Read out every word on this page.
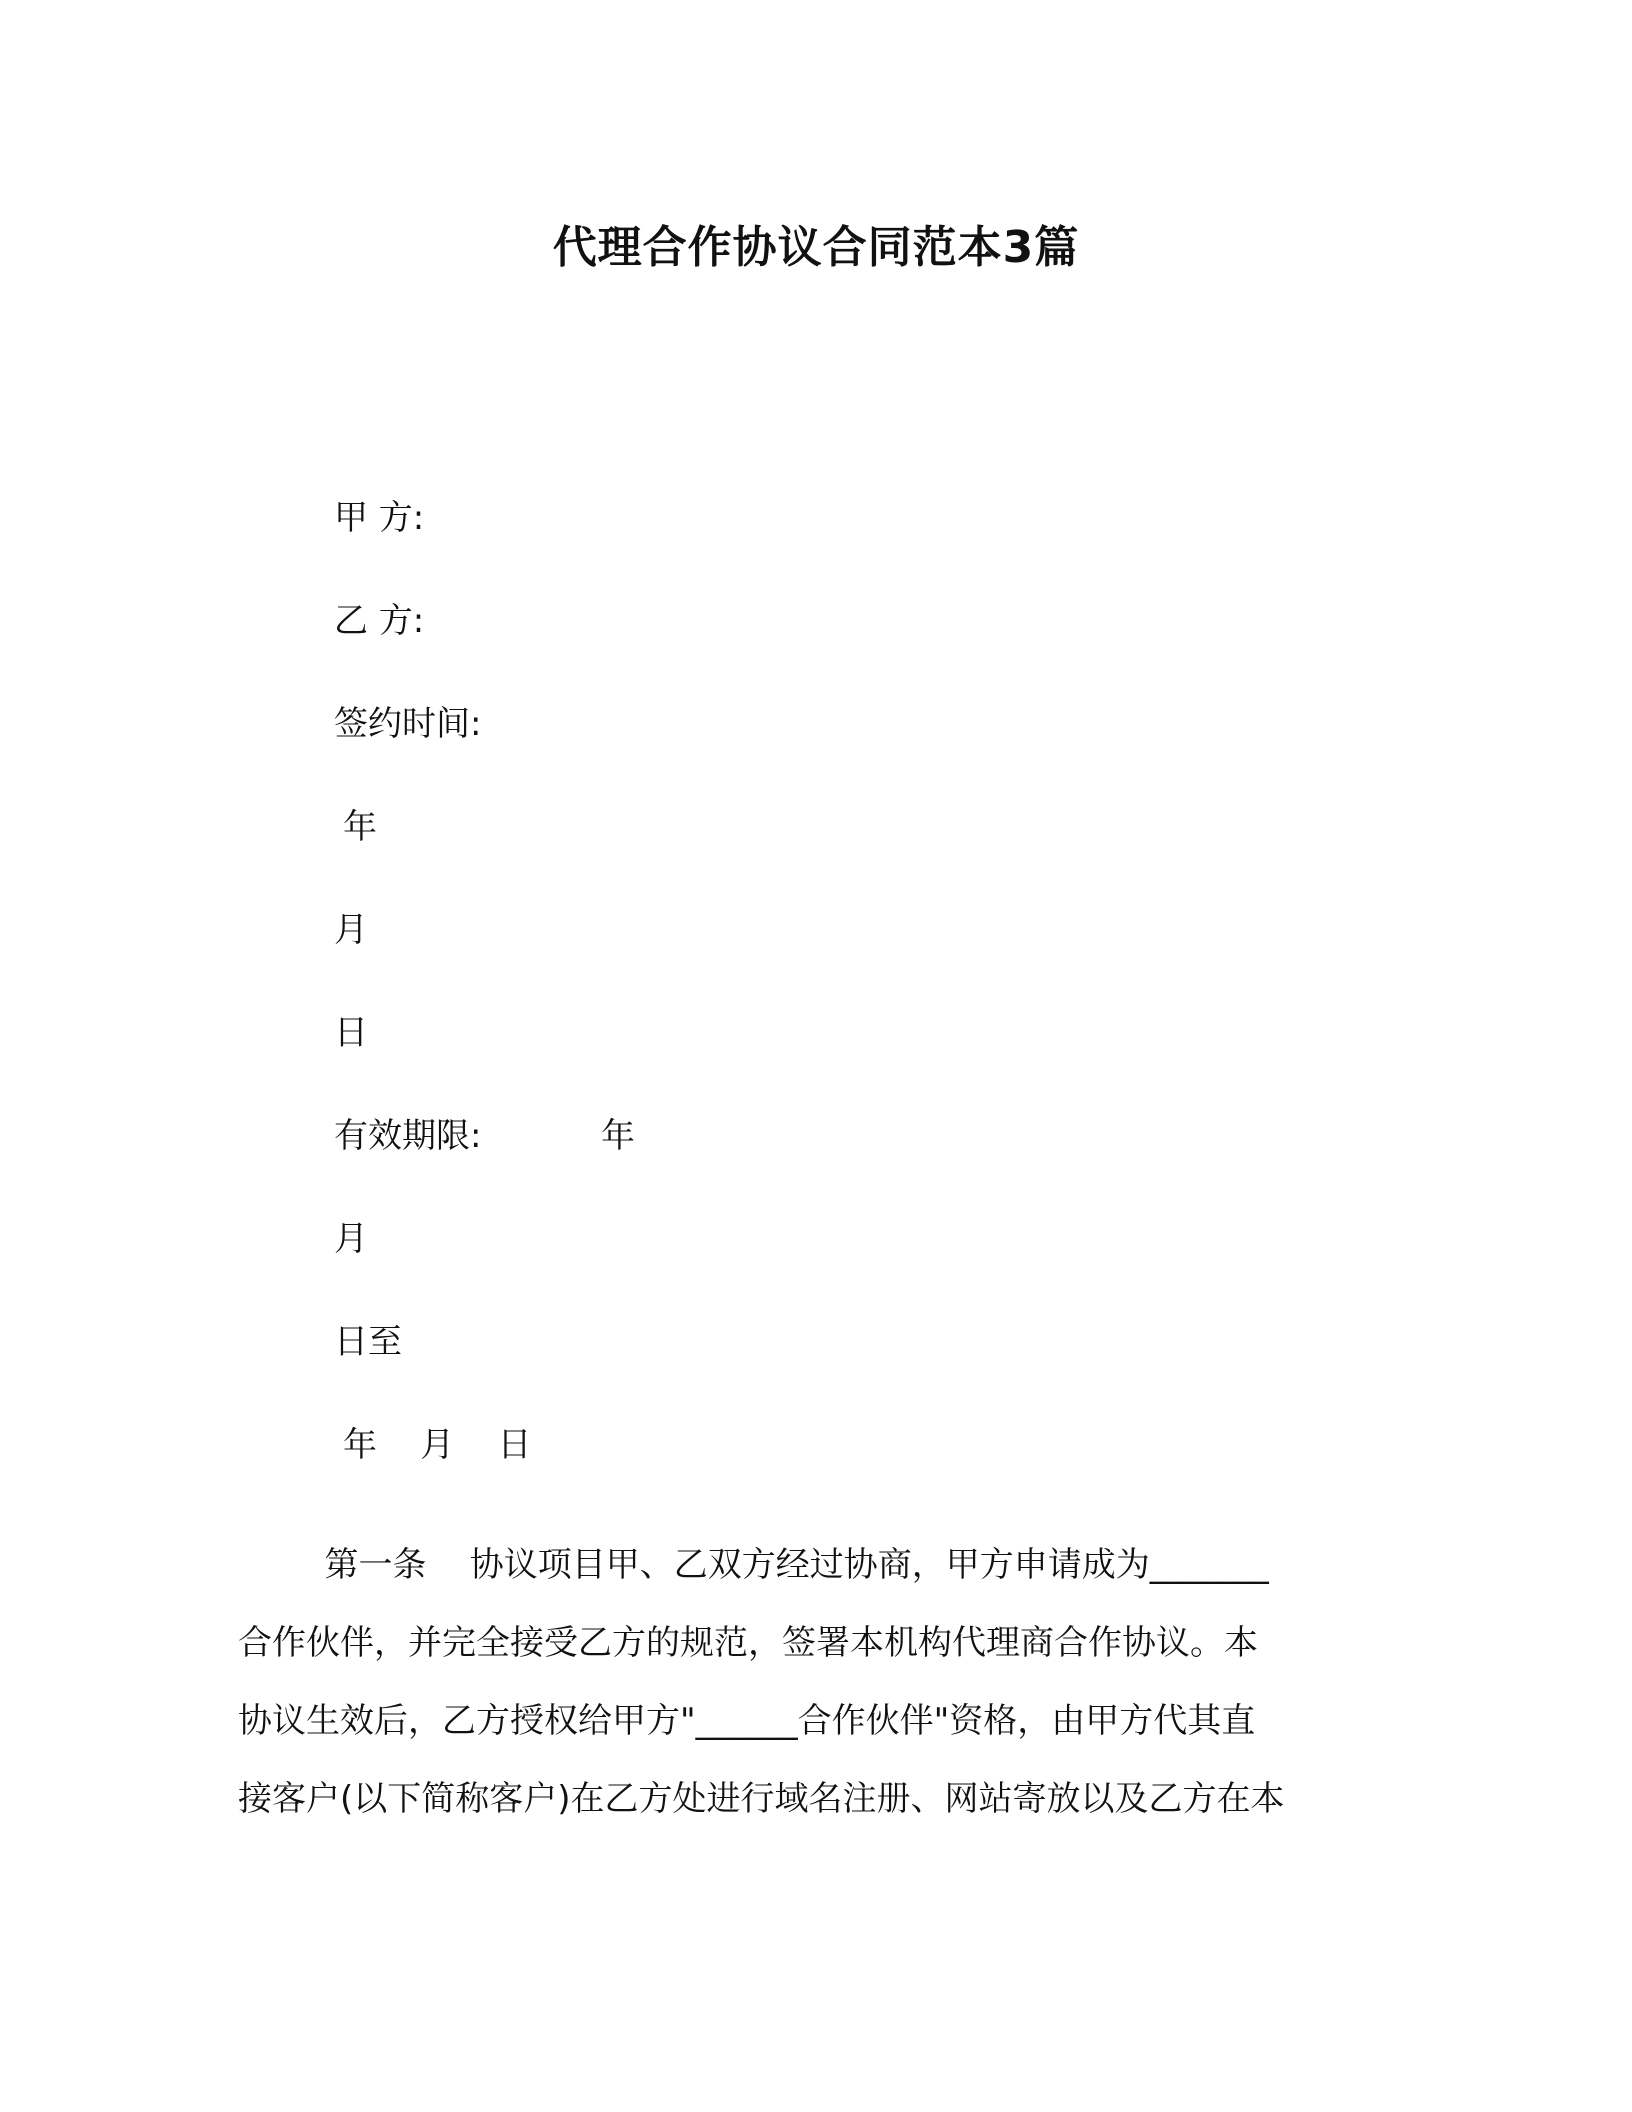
代理合作协议合同范本3篇
甲 方:
乙 方:
签约时间:
年
月
日
有效期限:	年
月
日至
年    月    日
第一条    协议项目甲、乙双方经过协商，甲方申请成为_______
合作伙伴，并完全接受乙方的规范，签署本机构代理商合作协议。本
协议生效后，乙方授权给甲方"______合作伙伴"资格，由甲方代其直
接客户(以下简称客户)在乙方处进行域名注册、网站寄放以及乙方在本
